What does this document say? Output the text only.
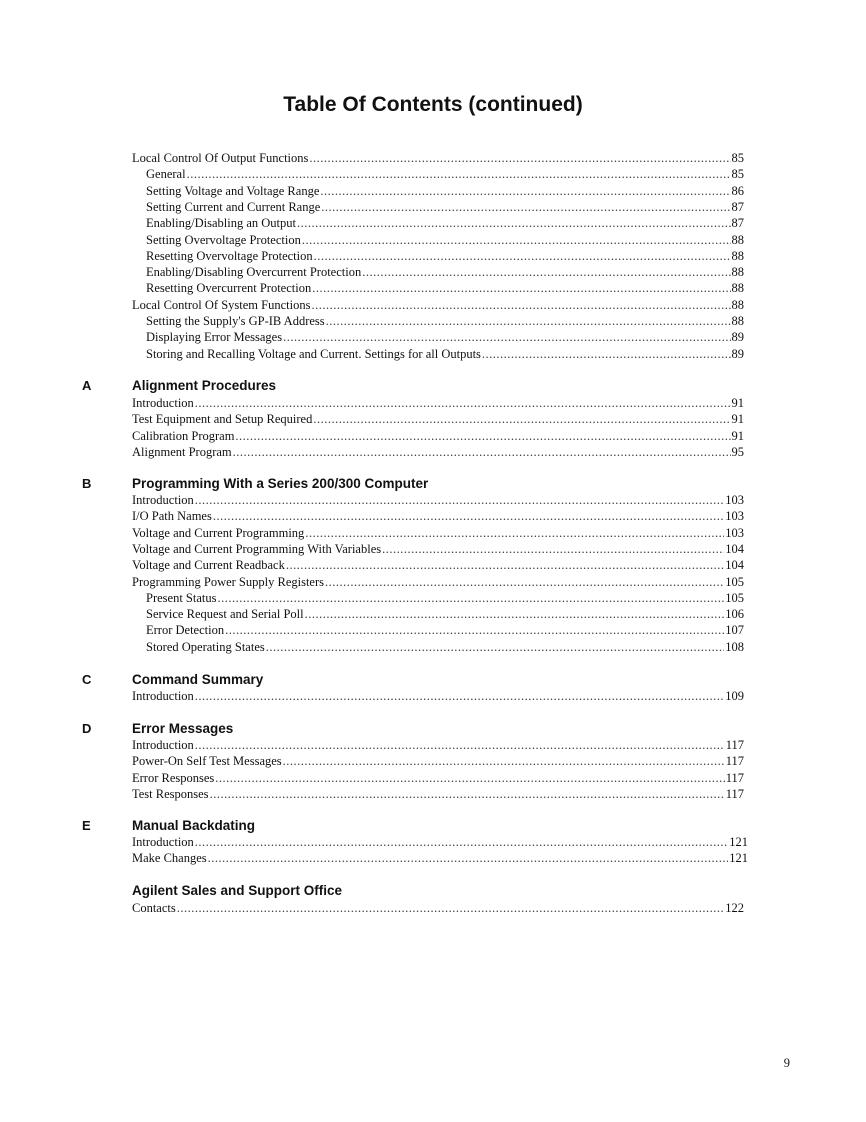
Table Of Contents (continued)
Local Control Of Output Functions .....	85
General .....	85
Setting Voltage and Voltage Range .....	86
Setting Current and Current Range .....	87
Enabling/Disabling an Output .....	87
Setting Overvoltage Protection .....	88
Resetting Overvoltage Protection .....	88
Enabling/Disabling Overcurrent Protection .....	88
Resetting Overcurrent Protection .....	88
Local Control Of System Functions .....	88
Setting the Supply's GP-IB Address .....	88
Displaying Error Messages .....	89
Storing and Recalling Voltage and Current. Settings for all Outputs .....	89
A	Alignment Procedures
Introduction .....	91
Test Equipment and Setup Required .....	91
Calibration Program .....	91
Alignment Program .....	95
B	Programming With a Series 200/300 Computer
Introduction .....	103
I/O Path Names .....	103
Voltage and Current Programming .....	103
Voltage and Current Programming With Variables .....	104
Voltage and Current Readback .....	104
Programming Power Supply Registers .....	105
Present Status .....	105
Service Request and Serial Poll .....	106
Error Detection .....	107
Stored Operating States .....	108
C	Command Summary
Introduction .....	109
D	Error Messages
Introduction .....	117
Power-On Self Test Messages .....	117
Error Responses .....	117
Test Responses .....	117
E	Manual Backdating
Introduction .....	121
Make Changes .....	121
Agilent Sales and Support Office
Contacts .....	122
9
